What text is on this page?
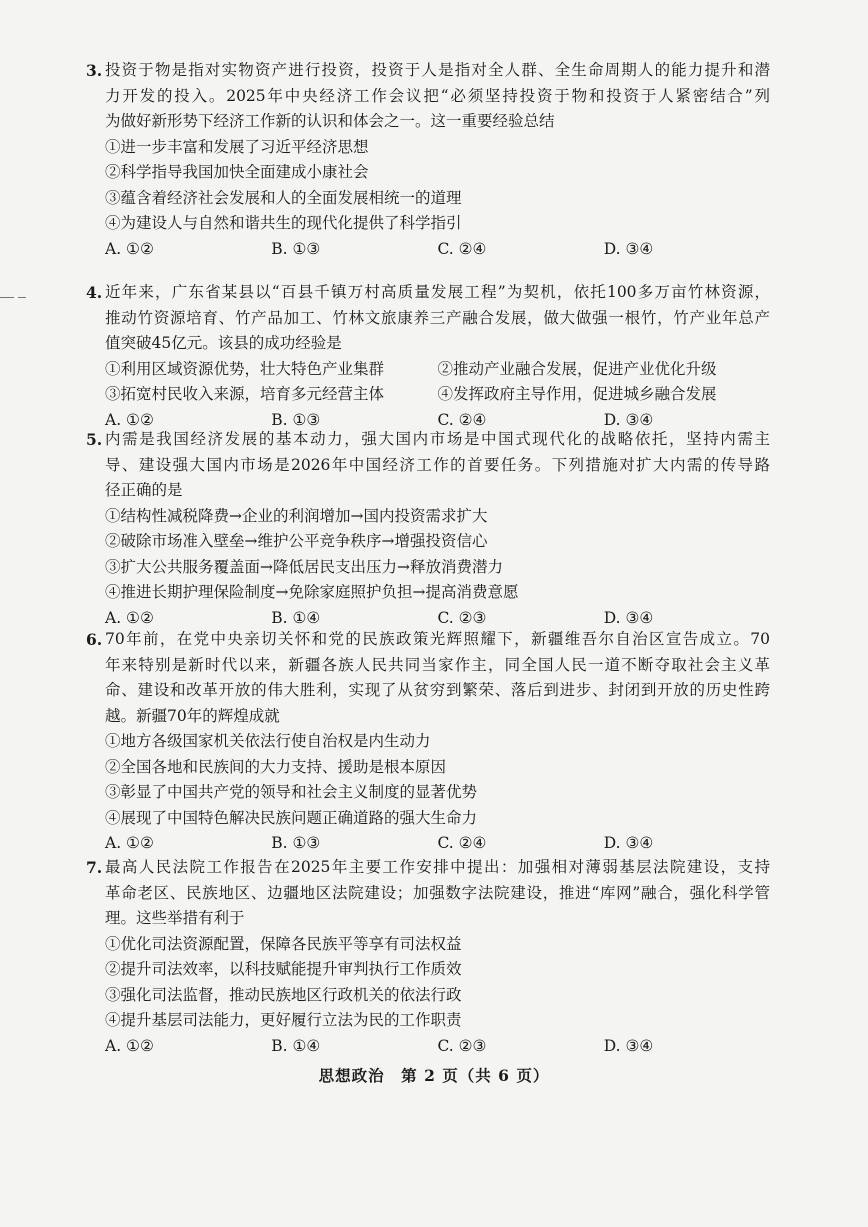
3. 投资于物是指对实物资产进行投资，投资于人是指对全人群、全生命周期人的能力提升和潜
力开发的投入。2025年中央经济工作会议把“必须坚持投资于物和投资于人紧密结合”列
为做好新形势下经济工作新的认识和体会之一。这一重要经验总结
①进一步丰富和发展了习近平经济思想
②科学指导我国加快全面建成小康社会
③蕴含着经济社会发展和人的全面发展相统一的道理
④为建设人与自然和谐共生的现代化提供了科学指引
A. ①②	B. ①③	C. ②④	D. ③④
4. 近年来，广东省某县以“百县千镇万村高质量发展工程”为契机，依托100多万亩竹林资源，
推动竹资源培育、竹产品加工、竹林文旅康养三产融合发展，做大做强一根竹，竹产业年总产
值突破45亿元。该县的成功经验是
①利用区域资源优势，壮大特色产业集群	②推动产业融合发展，促进产业优化升级
③拓宽村民收入来源，培育多元经营主体	④发挥政府主导作用，促进城乡融合发展
A. ①②	B. ①③	C. ②④	D. ③④
5. 内需是我国经济发展的基本动力，强大国内市场是中国式现代化的战略依托，坚持内需主
导、建设强大国内市场是2026年中国经济工作的首要任务。下列措施对扩大内需的传导路
径正确的是
①结构性减税降费→企业的利润增加→国内投资需求扩大
②破除市场准入壁垒→维护公平竞争秩序→增强投资信心
③扩大公共服务覆盖面→降低居民支出压力→释放消费潜力
④推进长期护理保险制度→免除家庭照护负担→提高消费意愿
A. ①②	B. ①④	C. ②③	D. ③④
6. 70年前，在党中央亲切关怀和党的民族政策光辉照耀下，新疆维吾尔自治区宣告成立。70
年来特别是新时代以来，新疆各族人民共同当家作主，同全国人民一道不断夺取社会主义革
命、建设和改革开放的伟大胜利，实现了从贫穷到繁荣、落后到进步、封闭到开放的历史性跨
越。新疆70年的辉煌成就
①地方各级国家机关依法行使自治权是内生动力
②全国各地和民族间的大力支持、援助是根本原因
③彰显了中国共产党的领导和社会主义制度的显著优势
④展现了中国特色解决民族问题正确道路的强大生命力
A. ①②	B. ①③	C. ②④	D. ③④
7. 最高人民法院工作报告在2025年主要工作安排中提出：加强相对薄弱基层法院建设，支持
革命老区、民族地区、边疆地区法院建设；加强数字法院建设，推进“库网”融合，强化科学管
理。这些举措有利于
①优化司法资源配置，保障各民族平等享有司法权益
②提升司法效率，以科技赋能提升审判执行工作质效
③强化司法监督，推动民族地区行政机关的依法行政
④提升基层司法能力，更好履行立法为民的工作职责
A. ①②	B. ①④	C. ②③	D. ③④
思想政治　第 2 页（共 6 页）
